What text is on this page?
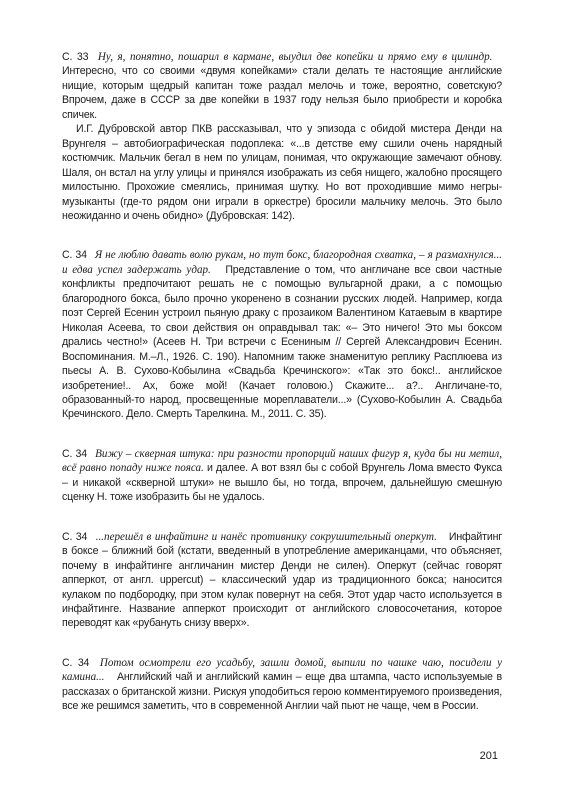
С. 33 Ну, я, понятно, пошарил в кармане, выудил две копейки и прямо ему в цилиндр.  Интересно, что со своими «двумя копейками» стали делать те настоящие английские нищие, которым щедрый капитан тоже раздал мелочь и тоже, вероятно, советскую? Впрочем, даже в СССР за две копейки в 1937 году нельзя было приобрести и коробка спичек.

И.Г. Дубровской автор ПКВ рассказывал, что у эпизода с обидой мистера Денди на Врунгеля – автобиографическая подоплека: «...в детстве ему сшили очень нарядный костюмчик. Мальчик бегал в нем по улицам, понимая, что окружающие замечают обнову. Шаля, он встал на углу улицы и принялся изображать из себя нищего, жалобно просящего милостыню. Прохожие смеялись, принимая шутку. Но вот проходившие мимо негры-музыканты (где-то рядом они играли в оркестре) бросили мальчику мелочь. Это было неожиданно и очень обидно» (Дубровская: 142).

С. 34 Я не люблю давать волю рукам, но тут бокс, благородная схватка, – я размахнулся... и едва успел задержать удар. Представление о том, что англичане все свои частные конфликты предпочитают решать не с помощью вульгарной драки, а с помощью благородного бокса, было прочно укоренено в сознании русских людей. Например, когда поэт Сергей Есенин устроил пьяную драку с прозаиком Валентином Катаевым в квартире Николая Асеева, то свои действия он оправдывал так: «– Это ничего! Это мы боксом дрались честно!» (Асеев Н. Три встречи с Есениным // Сергей Александрович Есенин. Воспоминания. М.–Л., 1926. С. 190). Напомним также знаменитую реплику Расплюева из пьесы А. В. Сухово-Кобылина «Свадьба Кречинского»: «Так это бокс!.. английское изобретение!.. Ах, боже мой! (Качает головою.) Скажите... а?.. Англичане-то, образованный-то народ, просвещенные мореплаватели...» (Сухово-Кобылин А. Свадьба Кречинского. Дело. Смерть Тарелкина. М., 2011. С. 35).

С. 34 Вижу – скверная штука: при разности пропорций наших фигур я, куда бы ни метил, всё равно попаду ниже пояса. и далее. А вот взял бы с собой Врунгель Лома вместо Фукса – и никакой «скверной штуки» не вышло бы, но тогда, впрочем, дальнейшую смешную сценку Н. тоже изобразить бы не удалось.

С. 34 ...перешёл в инфайтинг и нанёс противнику сокрушительный оперкут. Инфайтинг в боксе – ближний бой (кстати, введенный в употребление американцами, что объясняет, почему в инфайтинге англичанин мистер Денди не силен). Оперкут (сейчас говорят апперкот, от англ. uppercut) – классический удар из традиционного бокса; наносится кулаком по подбородку, при этом кулак повернут на себя. Этот удар часто используется в инфайтинге. Название апперкот происходит от английского словосочетания, которое переводят как «рубануть снизу вверх».

С. 34 Потом осмотрели его усадьбу, зашли домой, выпили по чашке чаю, посидели у камина... Английский чай и английский камин – еще два штампа, часто используемые в рассказах о британской жизни. Рискуя уподобиться герою комментируемого произведения, все же решимся заметить, что в современной Англии чай пьют не чаще, чем в России.

201
